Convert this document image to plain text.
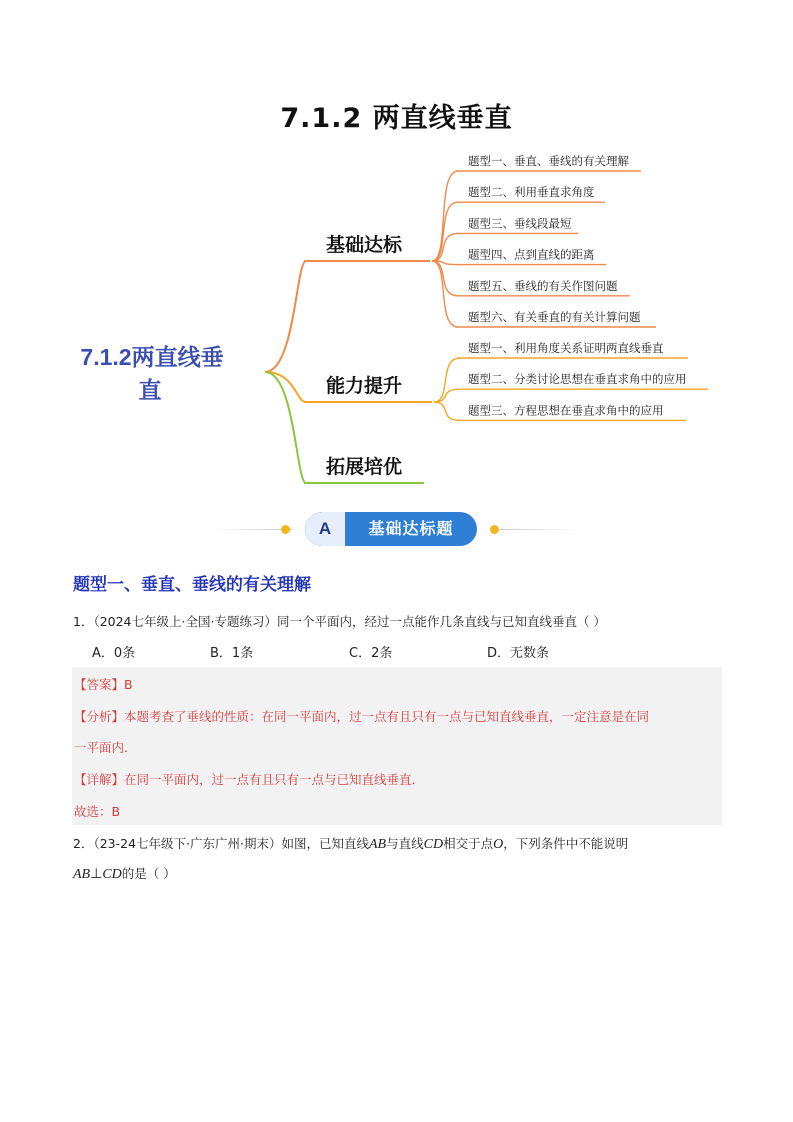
7.1.2 两直线垂直
7.1.2两直线垂
直
基础达标
题型一、垂直、垂线的有关理解
题型二、利用垂直求角度
题型三、垂线段最短
题型四、点到直线的距离
题型五、垂线的有关作图问题
题型六、有关垂直的有关计算问题
能力提升
题型一、利用角度关系证明两直线垂直
题型二、分类讨论思想在垂直求角中的应用
题型三、方程思想在垂直求角中的应用
拓展培优
A	基础达标题
题型一、垂直、垂线的有关理解
1．（2024七年级上·全国·专题练习）同一个平面内，经过一点能作几条直线与已知直线垂直（ ）
A．0条	B．1条	C．2条	D．无数条
【答案】B
【分析】本题考查了垂线的性质：在同一平面内，过一点有且只有一点与已知直线垂直，一定注意是在同
一平面内．
【详解】在同一平面内，过一点有且只有一点与已知直线垂直．
故选：B
2．（23-24七年级下·广东广州·期末）如图，已知直线AB与直线CD相交于点O，下列条件中不能说明
AB⊥CD的是（ ）
